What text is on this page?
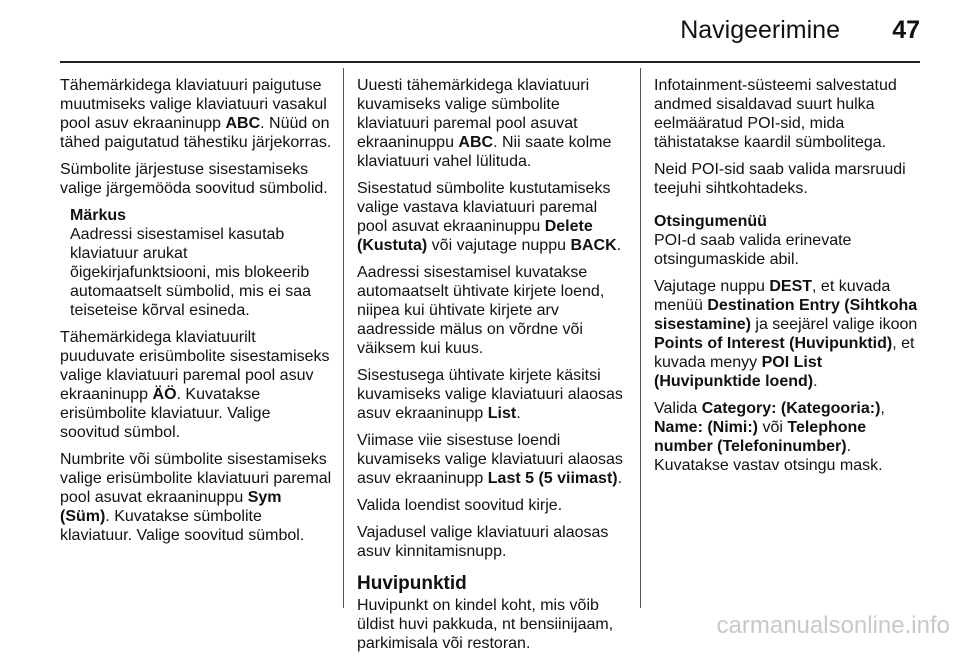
Navigeerimine 47

Tähemärkidega klaviatuuri paigutuse muutmiseks valige klaviatuuri vasakul pool asuv ekraaninupp ABC. Nüüd on tähed paigutatud tähestiku järjekorras.

Sümbolite järjestuse sisestamiseks valige järgemööda soovitud sümbolid.

Märkus
Aadressi sisestamisel kasutab klaviatuur arukat õigekirjafunktsiooni, mis blokeerib automaatselt sümbolid, mis ei saa teiseteise kõrval esineda.

Tähemärkidega klaviatuurilt puuduvate erisümbolite sisestamiseks valige klaviatuuri paremal pool asuv ekraaninupp ÄÖ. Kuvatakse erisümbolite klaviatuur. Valige soovitud sümbol.

Numbrite või sümbolite sisestamiseks valige erisümbolite klaviatuuri paremal pool asuvat ekraaninuppu Sym (Süm). Kuvatakse sümbolite klaviatuur. Valige soovitud sümbol.

Uuesti tähemärkidega klaviatuuri kuvamiseks valige sümbolite klaviatuuri paremal pool asuvat ekraaninuppu ABC. Nii saate kolme klaviatuuri vahel lülituda.

Sisestatud sümbolite kustutamiseks valige vastava klaviatuuri paremal pool asuvat ekraaninuppu Delete (Kustuta) või vajutage nuppu BACK.

Aadressi sisestamisel kuvatakse automaatselt ühtivate kirjete loend, niipea kui ühtivate kirjete arv aadresside mälus on võrdne või väiksem kui kuus.

Sisestusega ühtivate kirjete käsitsi kuvamiseks valige klaviatuuri alaosas asuv ekraaninupp List.

Viimase viie sisestuse loendi kuvamiseks valige klaviatuuri alaosas asuv ekraaninupp Last 5 (5 viimast).

Valida loendist soovitud kirje.

Vajadusel valige klaviatuuri alaosas asuv kinnitamisnupp.

Huvipunktid

Huvipunkt on kindel koht, mis võib üldist huvi pakkuda, nt bensiinijaam, parkimisala või restoran.

Infotainment-süsteemi salvestatud andmed sisaldavad suurt hulka eelmääratud POI-sid, mida tähistatakse kaardil sümbolitega.

Neid POI-sid saab valida marsruudi teejuhi sihtkohtadeks.

Otsingumenüü

POI-d saab valida erinevate otsingumaskide abil.

Vajutage nuppu DEST, et kuvada menüü Destination Entry (Sihtkoha sisestamine) ja seejärel valige ikoon Points of Interest (Huvipunktid), et kuvada menyy POI List (Huvipunktide loend).

Valida Category: (Kategooria:), Name: (Nimi:) või Telephone number (Telefoninumber). Kuvatakse vastav otsingu mask.

carmanualsonline.info
